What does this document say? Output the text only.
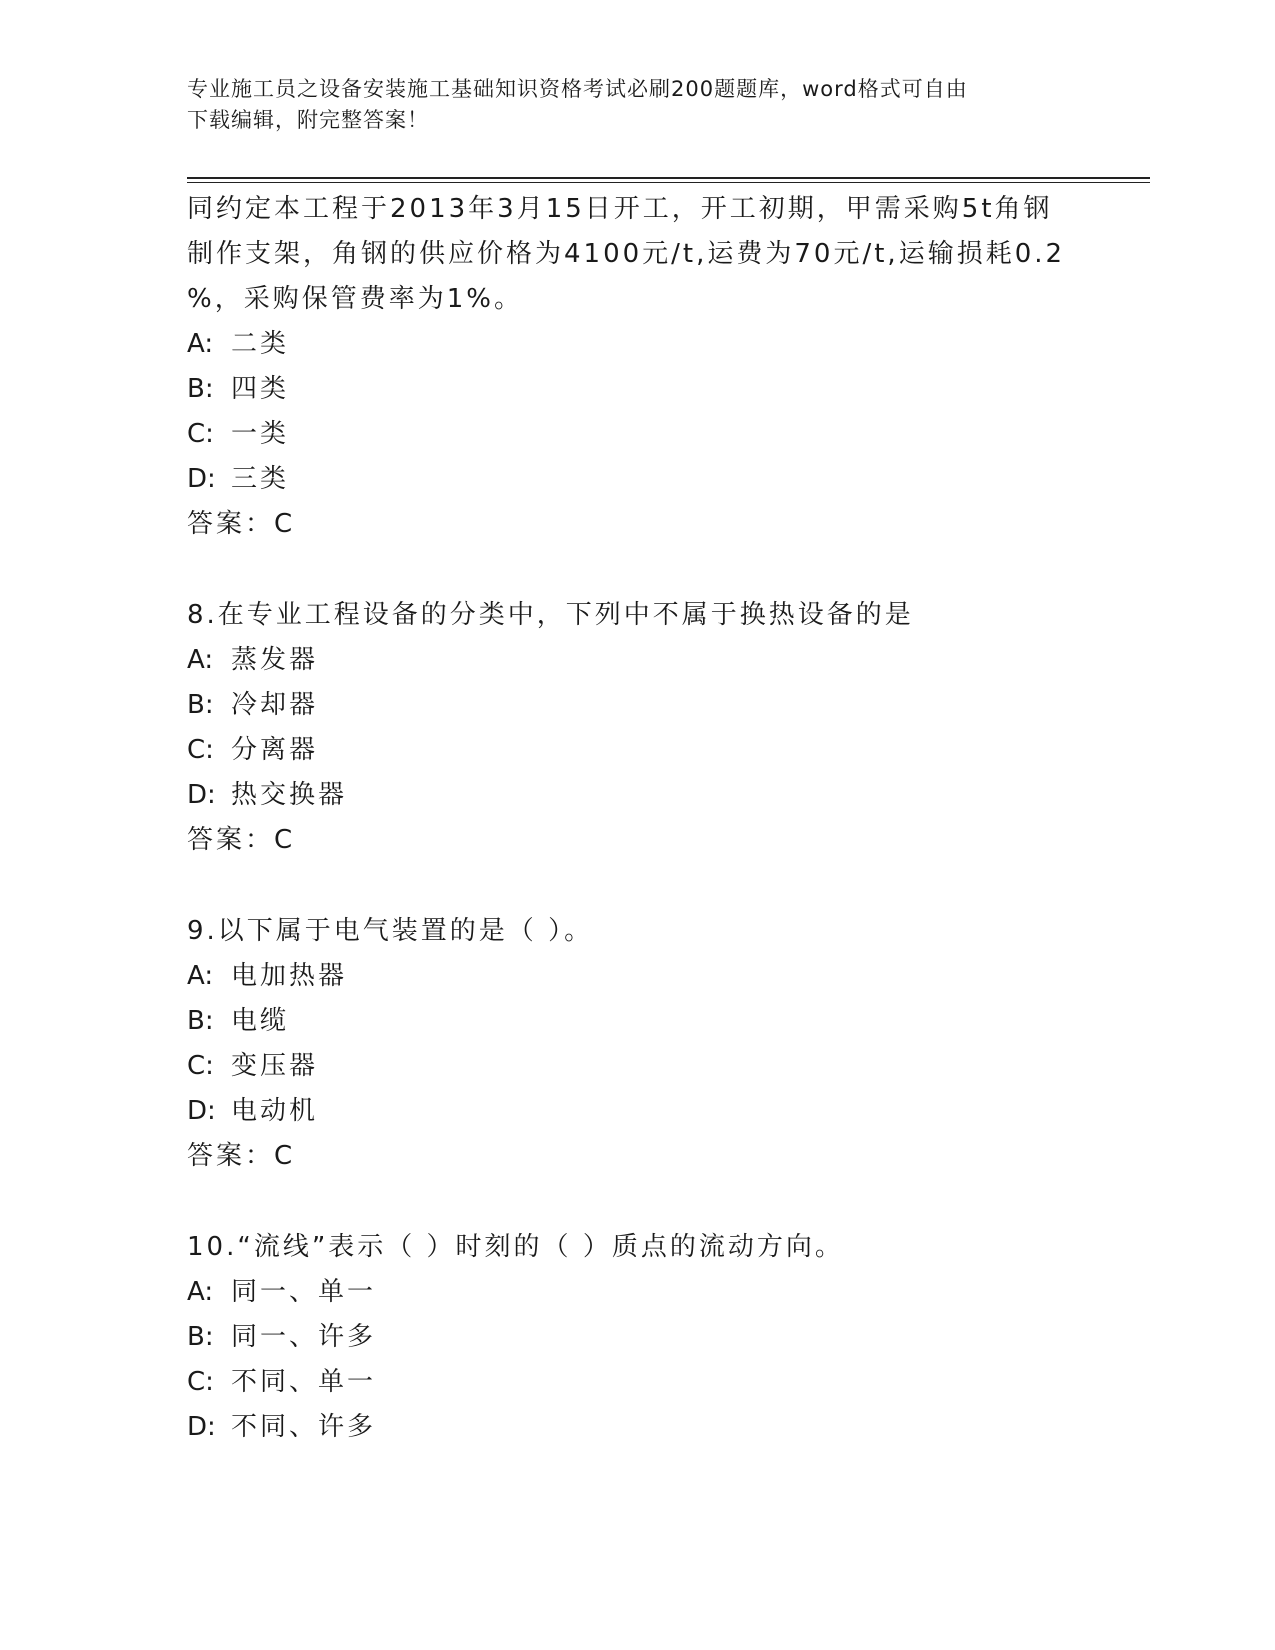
专业施工员之设备安装施工基础知识资格考试必刷200题题库，word格式可自由
下载编辑，附完整答案！
同约定本工程于2013年3月15日开工，开工初期，甲需采购5t角钢
制作支架，角钢的供应价格为4100元/t,运费为70元/t,运输损耗0.2
%，采购保管费率为1%。
A: 二类
B: 四类
C: 一类
D: 三类
答案：C
8.在专业工程设备的分类中，下列中不属于换热设备的是
A: 蒸发器
B: 冷却器
C: 分离器
D: 热交换器
答案：C
9.以下属于电气装置的是（ ）。
A: 电加热器
B: 电缆
C: 变压器
D: 电动机
答案：C
10.“流线”表示（ ）时刻的（ ）质点的流动方向。
A: 同一、单一
B: 同一、许多
C: 不同、单一
D: 不同、许多
